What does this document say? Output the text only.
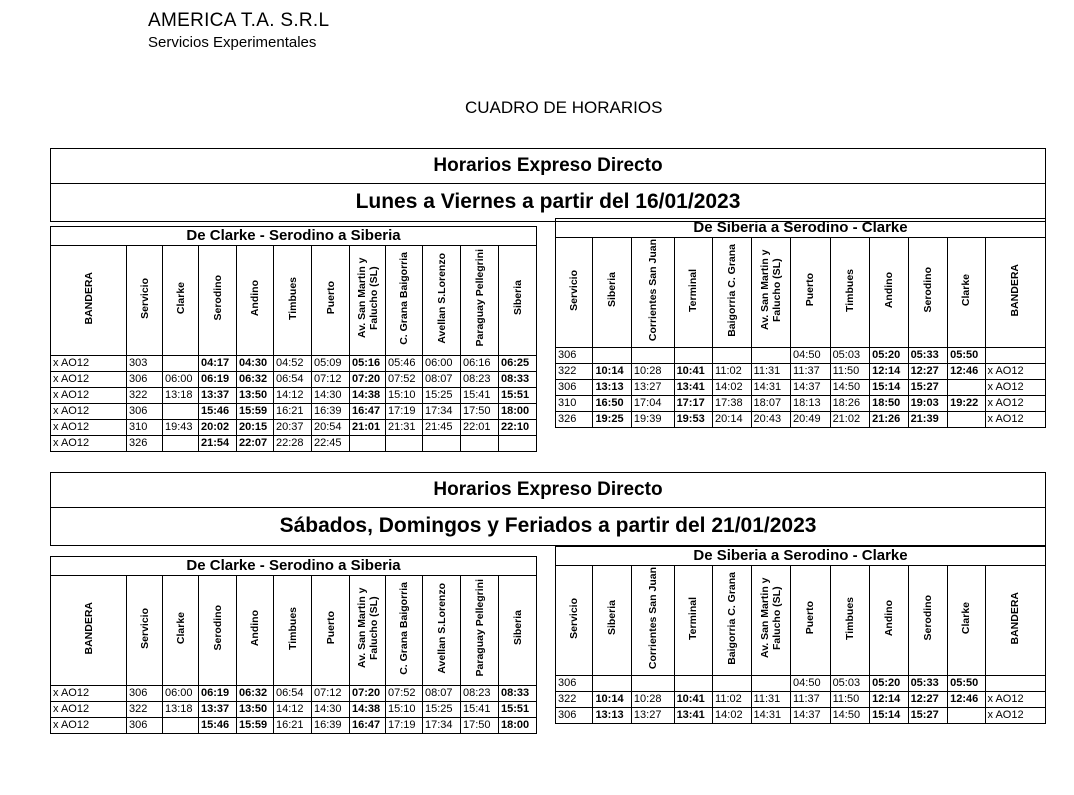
AMERICA T.A. S.R.L
Servicios Experimentales
CUADRO DE HORARIOS
Horarios Expreso Directo
Lunes a Viernes a partir del 16/01/2023
De Clarke - Serodino a Siberia											
BANDERA	Servicio	Clarke	Serodino	Andino	Timbues	Puerto	Av. San Martin y Falucho (SL)	C. Grana Baigorria	Avellan S.Lorenzo	Paraguay Pellegrini	Siberia
x AO12	303		04:17	04:30	04:52	05:09	05:16	05:46	06:00	06:16	06:25
x AO12	306	06:00	06:19	06:32	06:54	07:12	07:20	07:52	08:07	08:23	08:33
x AO12	322	13:18	13:37	13:50	14:12	14:30	14:38	15:10	15:25	15:41	15:51
x AO12	306		15:46	15:59	16:21	16:39	16:47	17:19	17:34	17:50	18:00
x AO12	310	19:43	20:02	20:15	20:37	20:54	21:01	21:31	21:45	22:01	22:10
x AO12	326		21:54	22:07	22:28	22:45					
De Siberia a Serodino - Clarke											
Servicio	Siberia	Corrientes San Juan	Terminal	Baigorria C. Grana	Av. San Martin y Falucho (SL)	Puerto	Timbues	Andino	Serodino	Clarke	BANDERA
306						04:50	05:03	05:20	05:33	05:50	
322	10:14	10:28	10:41	11:02	11:31	11:37	11:50	12:14	12:27	12:46	x AO12
306	13:13	13:27	13:41	14:02	14:31	14:37	14:50	15:14	15:27		x AO12
310	16:50	17:04	17:17	17:38	18:07	18:13	18:26	18:50	19:03	19:22	x AO12
326	19:25	19:39	19:53	20:14	20:43	20:49	21:02	21:26	21:39		x AO12
Horarios Expreso Directo
Sábados, Domingos y Feriados a partir del 21/01/2023
De Clarke - Serodino a Siberia											
BANDERA	Servicio	Clarke	Serodino	Andino	Timbues	Puerto	Av. San Martin y Falucho (SL)	C. Grana Baigorria	Avellan S.Lorenzo	Paraguay Pellegrini	Siberia
x AO12	306	06:00	06:19	06:32	06:54	07:12	07:20	07:52	08:07	08:23	08:33
x AO12	322	13:18	13:37	13:50	14:12	14:30	14:38	15:10	15:25	15:41	15:51
x AO12	306		15:46	15:59	16:21	16:39	16:47	17:19	17:34	17:50	18:00
De Siberia a Serodino - Clarke											
Servicio	Siberia	Corrientes San Juan	Terminal	Baigorria C. Grana	Av. San Martin y Falucho (SL)	Puerto	Timbues	Andino	Serodino	Clarke	BANDERA
306						04:50	05:03	05:20	05:33	05:50	
322	10:14	10:28	10:41	11:02	11:31	11:37	11:50	12:14	12:27	12:46	x AO12
306	13:13	13:27	13:41	14:02	14:31	14:37	14:50	15:14	15:27		x AO12
